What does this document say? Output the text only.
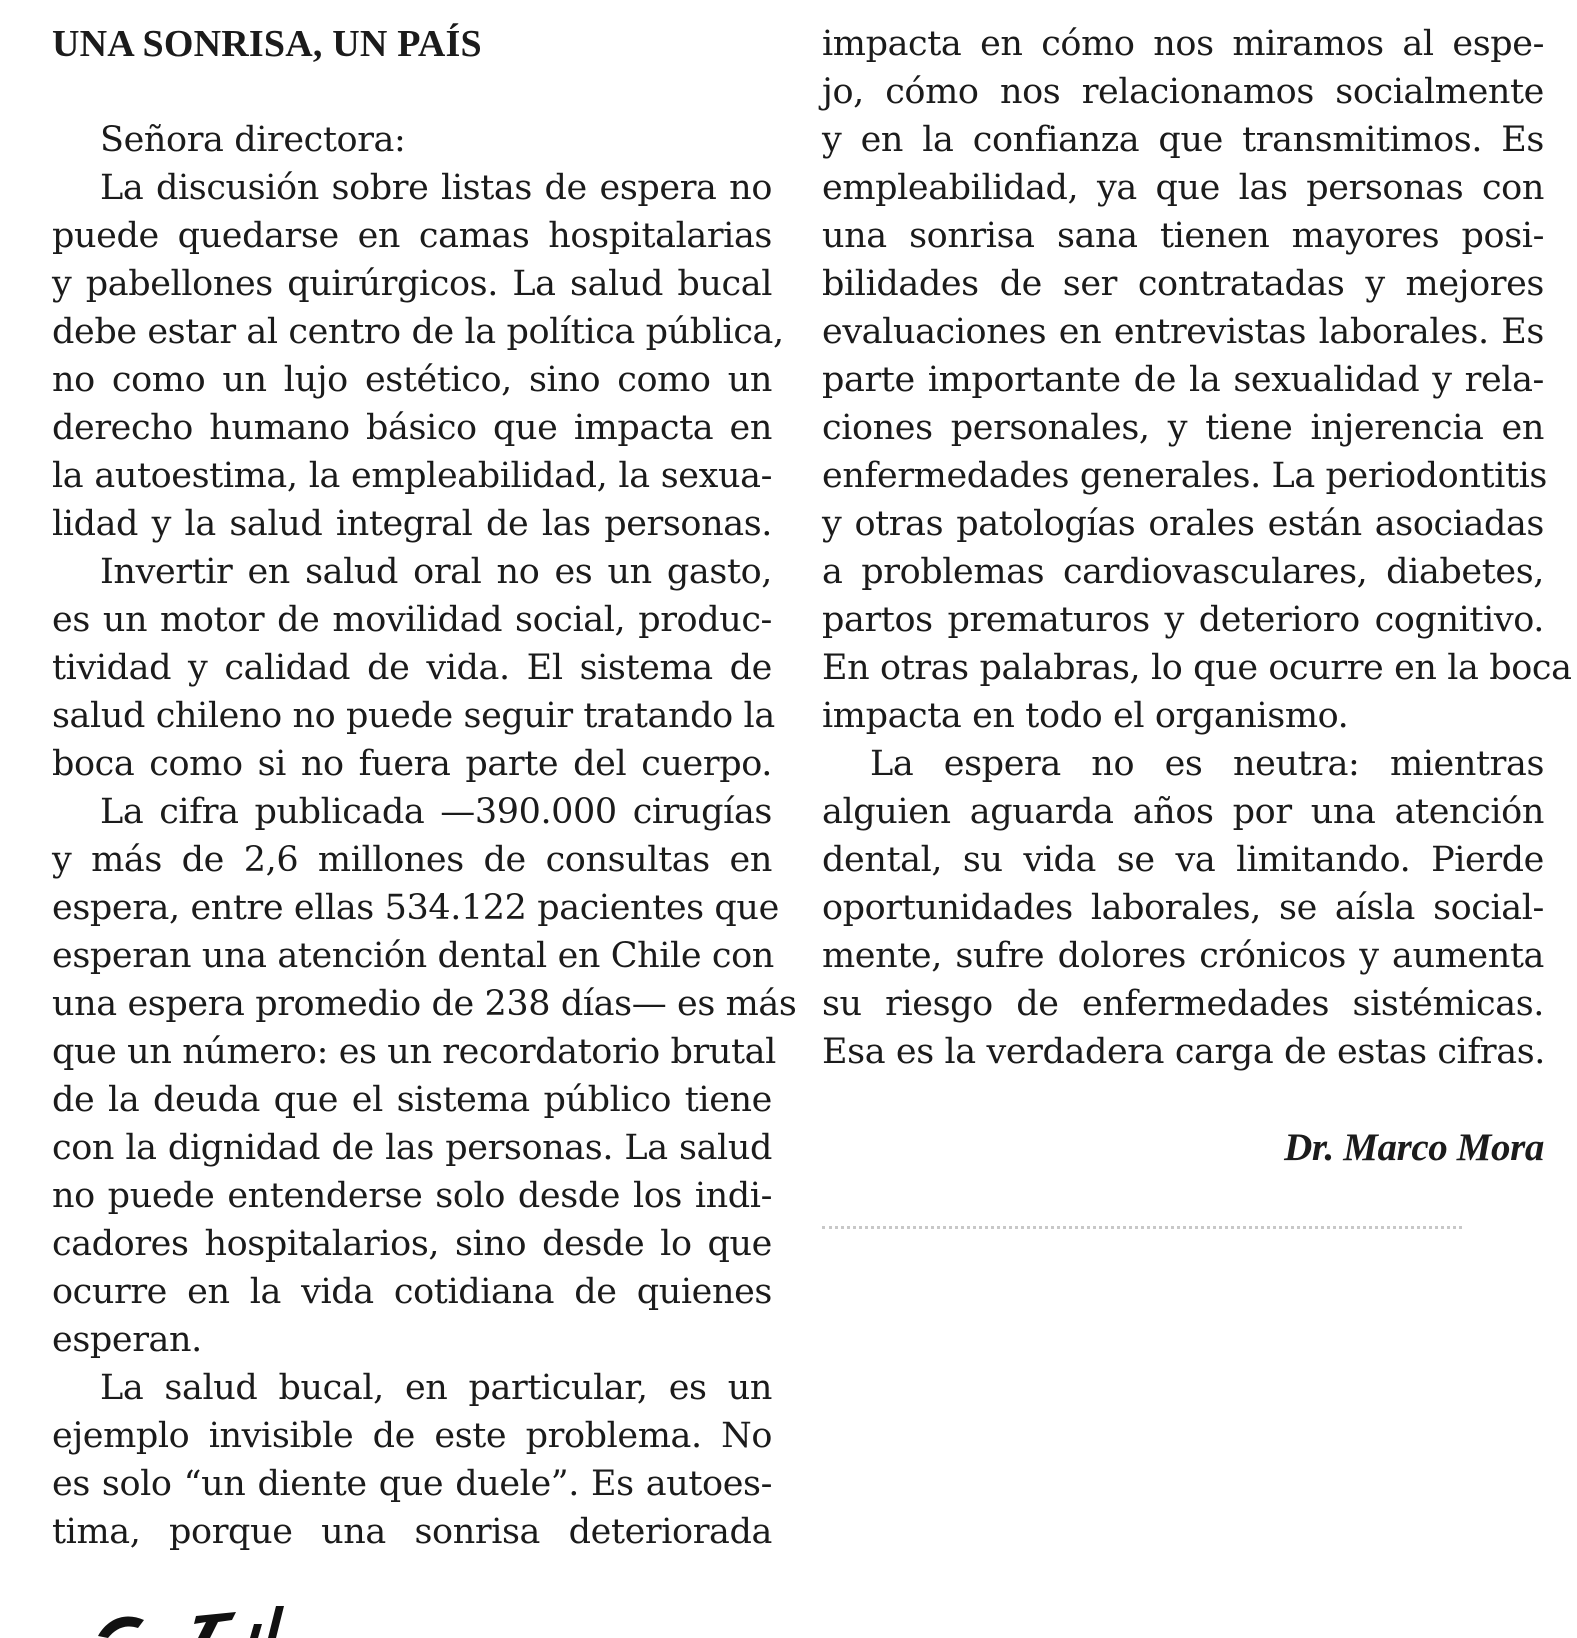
UNA SONRISA, UN PAÍS
Señora directora:
La discusión sobre listas de espera no
puede quedarse en camas hospitalarias
y pabellones quirúrgicos. La salud bucal
debe estar al centro de la política pública,
no como un lujo estético, sino como un
derecho humano básico que impacta en
la autoestima, la empleabilidad, la sexua-
lidad y la salud integral de las personas.
Invertir en salud oral no es un gasto,
es un motor de movilidad social, produc-
tividad y calidad de vida. El sistema de
salud chileno no puede seguir tratando la
boca como si no fuera parte del cuerpo.
La cifra publicada —390.000 cirugías
y más de 2,6 millones de consultas en
espera, entre ellas 534.122 pacientes que
esperan una atención dental en Chile con
una espera promedio de 238 días— es más
que un número: es un recordatorio brutal
de la deuda que el sistema público tiene
con la dignidad de las personas. La salud
no puede entenderse solo desde los indi-
cadores hospitalarios, sino desde lo que
ocurre en la vida cotidiana de quienes
esperan.
La salud bucal, en particular, es un
ejemplo invisible de este problema. No
es solo “un diente que duele”. Es autoes-
tima, porque una sonrisa deteriorada
impacta en cómo nos miramos al espe-
jo, cómo nos relacionamos socialmente
y en la confianza que transmitimos. Es
empleabilidad, ya que las personas con
una sonrisa sana tienen mayores posi-
bilidades de ser contratadas y mejores
evaluaciones en entrevistas laborales. Es
parte importante de la sexualidad y rela-
ciones personales, y tiene injerencia en
enfermedades generales. La periodontitis
y otras patologías orales están asociadas
a problemas cardiovasculares, diabetes,
partos prematuros y deterioro cognitivo.
En otras palabras, lo que ocurre en la boca
impacta en todo el organismo.
La espera no es neutra: mientras
alguien aguarda años por una atención
dental, su vida se va limitando. Pierde
oportunidades laborales, se aísla social-
mente, sufre dolores crónicos y aumenta
su riesgo de enfermedades sistémicas.
Esa es la verdadera carga de estas cifras.
Dr. Marco Mora
